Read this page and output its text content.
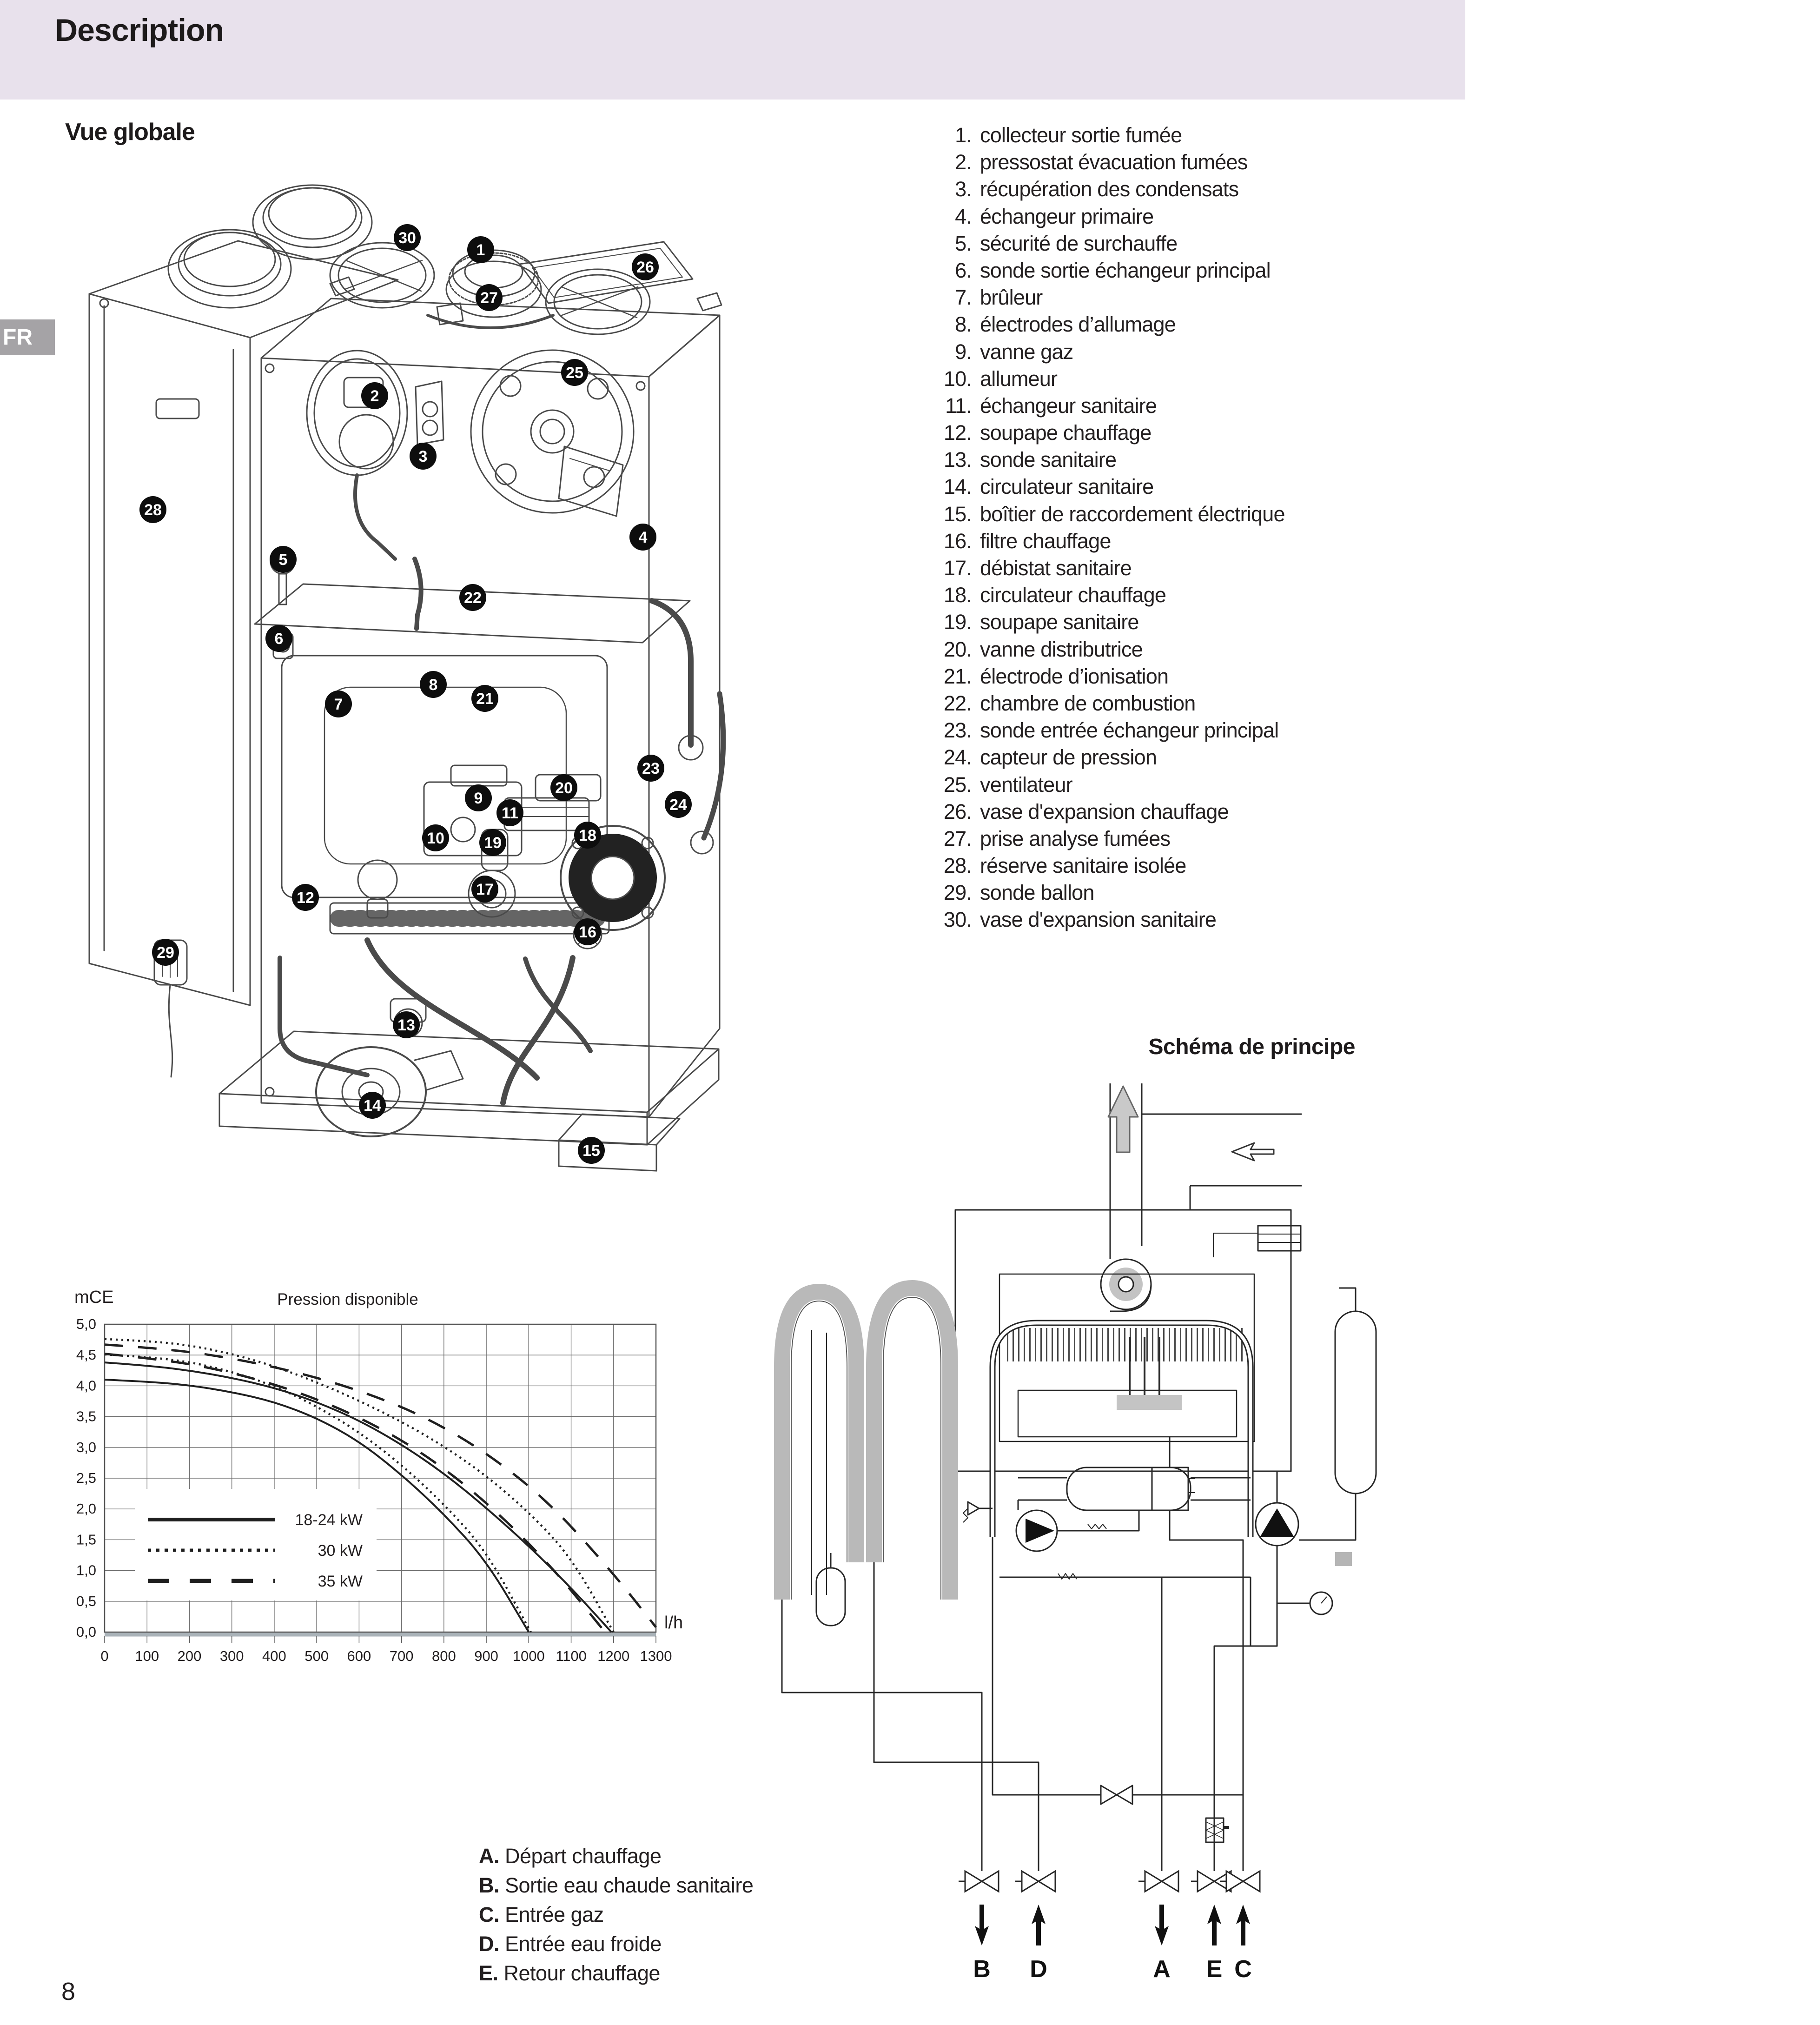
Description
FR
Vue globale
Schéma de principe
1. collecteur sortie fumée
2. pressostat évacuation fumées
3. récupération des condensats
4. échangeur primaire
5. sécurité de surchauffe
6. sonde sortie échangeur principal
7. brûleur
8. électrodes d’allumage
9. vanne gaz
10. allumeur
11. échangeur sanitaire
12. soupape chauffage
13. sonde sanitaire
14. circulateur sanitaire
15. boîtier de raccordement électrique
16. filtre chauffage
17. débistat sanitaire
18. circulateur chauffage
19. soupape sanitaire
20. vanne distributrice
21. électrode d’ionisation
22. chambre de combustion
23. sonde entrée échangeur principal
24. capteur de pression
25. ventilateur
26. vase d'expansion chauffage
27. prise analyse fumées
28. réserve sanitaire isolée
29. sonde ballon
30. vase d'expansion sanitaire
A. Départ chauffage
B. Sortie eau chaude sanitaire
C. Entrée gaz
D. Entrée eau froide
E. Retour chauffage
8
1
2
3
4
5
6
7
8
9
10
11
12
13
14
15
16
17
18
19
20
21
22
23
24
25
26
27
28
29
30
0 100 200 300 400 500 600 700 800 900 1000 1100 1200 1300
0,0
0,5
1,0
1,5
2,0
2,5
3,0
3,5
4,0
4,5
5,0
mCE	Pression disponible
l/h
18-24 kW
30 kW
35 kW
B D	A E C
